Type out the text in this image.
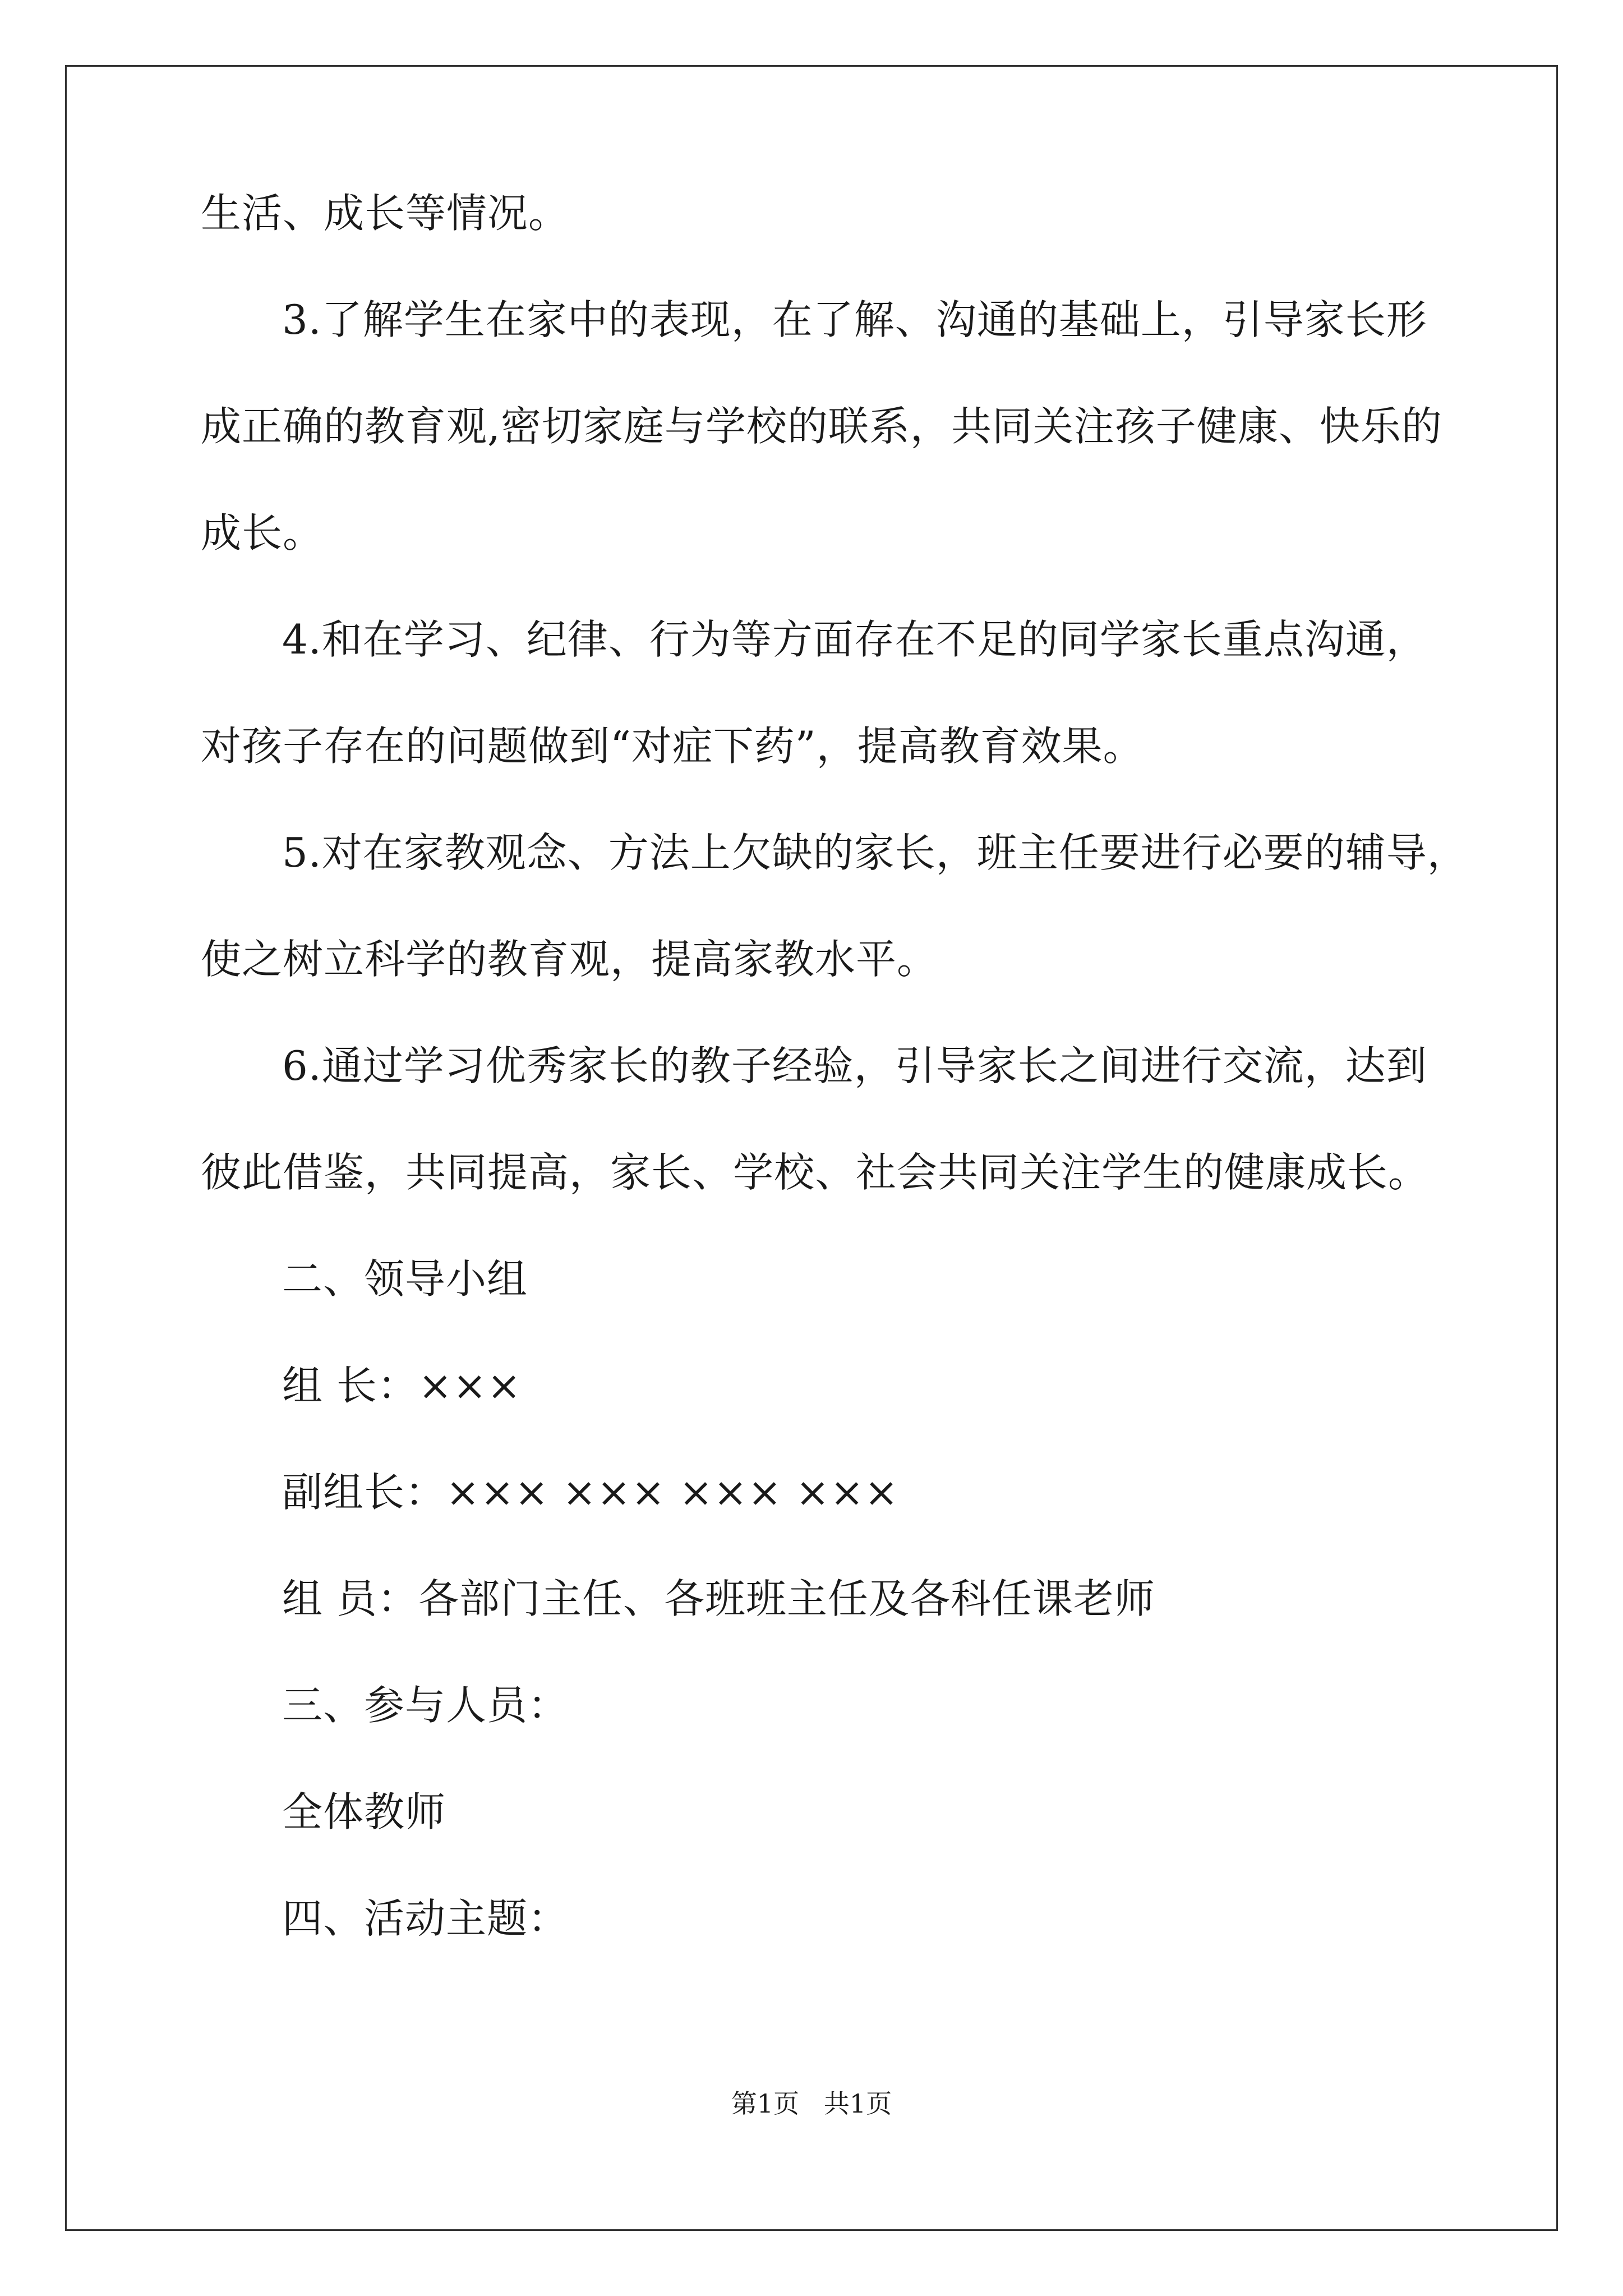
生活、成长等情况。
3.了解学生在家中的表现，在了解、沟通的基础上，引导家长形
成正确的教育观,密切家庭与学校的联系，共同关注孩子健康、快乐的
成长。
4.和在学习、纪律、行为等方面存在不足的同学家长重点沟通，
对孩子存在的问题做到“对症下药”，提高教育效果。
5.对在家教观念、方法上欠缺的家长，班主任要进行必要的辅导，
使之树立科学的教育观，提高家教水平。
6.通过学习优秀家长的教子经验，引导家长之间进行交流，达到
彼此借鉴，共同提高，家长、学校、社会共同关注学生的健康成长。
二、领导小组
组 长：×××
副组长：××× ××× ××× ×××
组 员：各部门主任、各班班主任及各科任课老师
三、参与人员：
全体教师
四、活动主题：
第1页   共1页
